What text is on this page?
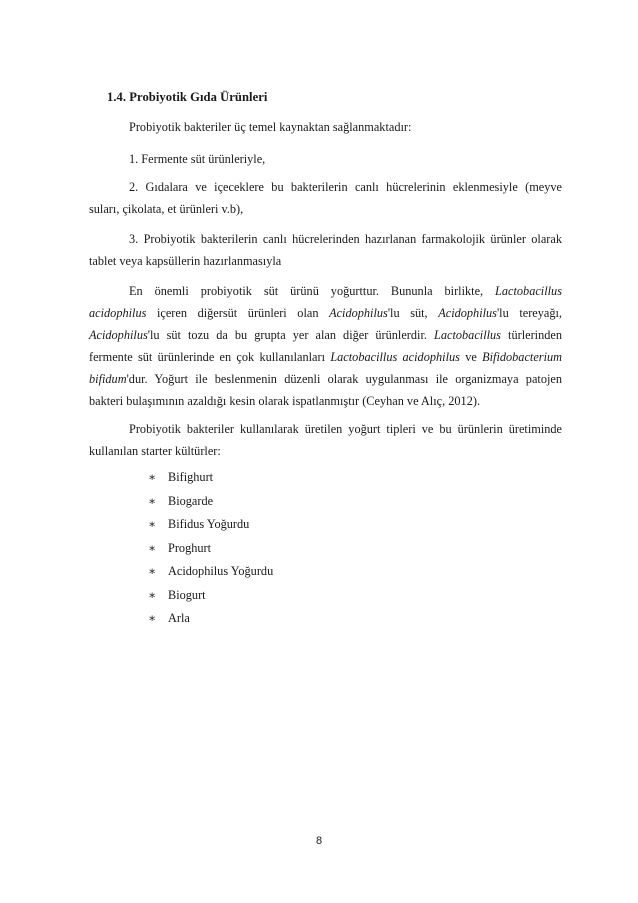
1.4. Probiyotik Gıda Ürünleri

Probiyotik bakteriler üç temel kaynaktan sağlanmaktadır:

1. Fermente süt ürünleriyle,

2. Gıdalara ve içeceklere bu bakterilerin canlı hücrelerinin eklenmesiyle (meyve
suları, çikolata, et ürünleri v.b),

3. Probiyotik bakterilerin canlı hücrelerinden hazırlanan farmakolojik ürünler olarak
tablet veya kapsüllerin hazırlanmasıyla

En önemli probiyotik süt ürünü yoğurttur. Bununla birlikte, Lactobacillus
acidophilus içeren diğersüt ürünleri olan Acidophilus'lu süt, Acidophilus'lu tereyağı,
Acidophilus'lu süt tozu da bu grupta yer alan diğer ürünlerdir. Lactobacillus türlerinden
fermente süt ürünlerinde en çok kullanılanları Lactobacillus acidophilus ve Bifidobacterium
bifidum'dur. Yoğurt ile beslenmenin düzenli olarak uygulanması ile organizmaya patojen
bakteri bulaşımının azaldığı kesin olarak ispatlanmıştır (Ceyhan ve Alıç, 2012).

Probiyotik bakteriler kullanılarak üretilen yoğurt tipleri ve bu ürünlerin üretiminde
kullanılan starter kültürler:

∗ Bifighurt
∗ Biogarde
∗ Bifidus Yoğurdu
∗ Proghurt
∗ Acidophilus Yoğurdu
∗ Biogurt
∗ Arla
8
